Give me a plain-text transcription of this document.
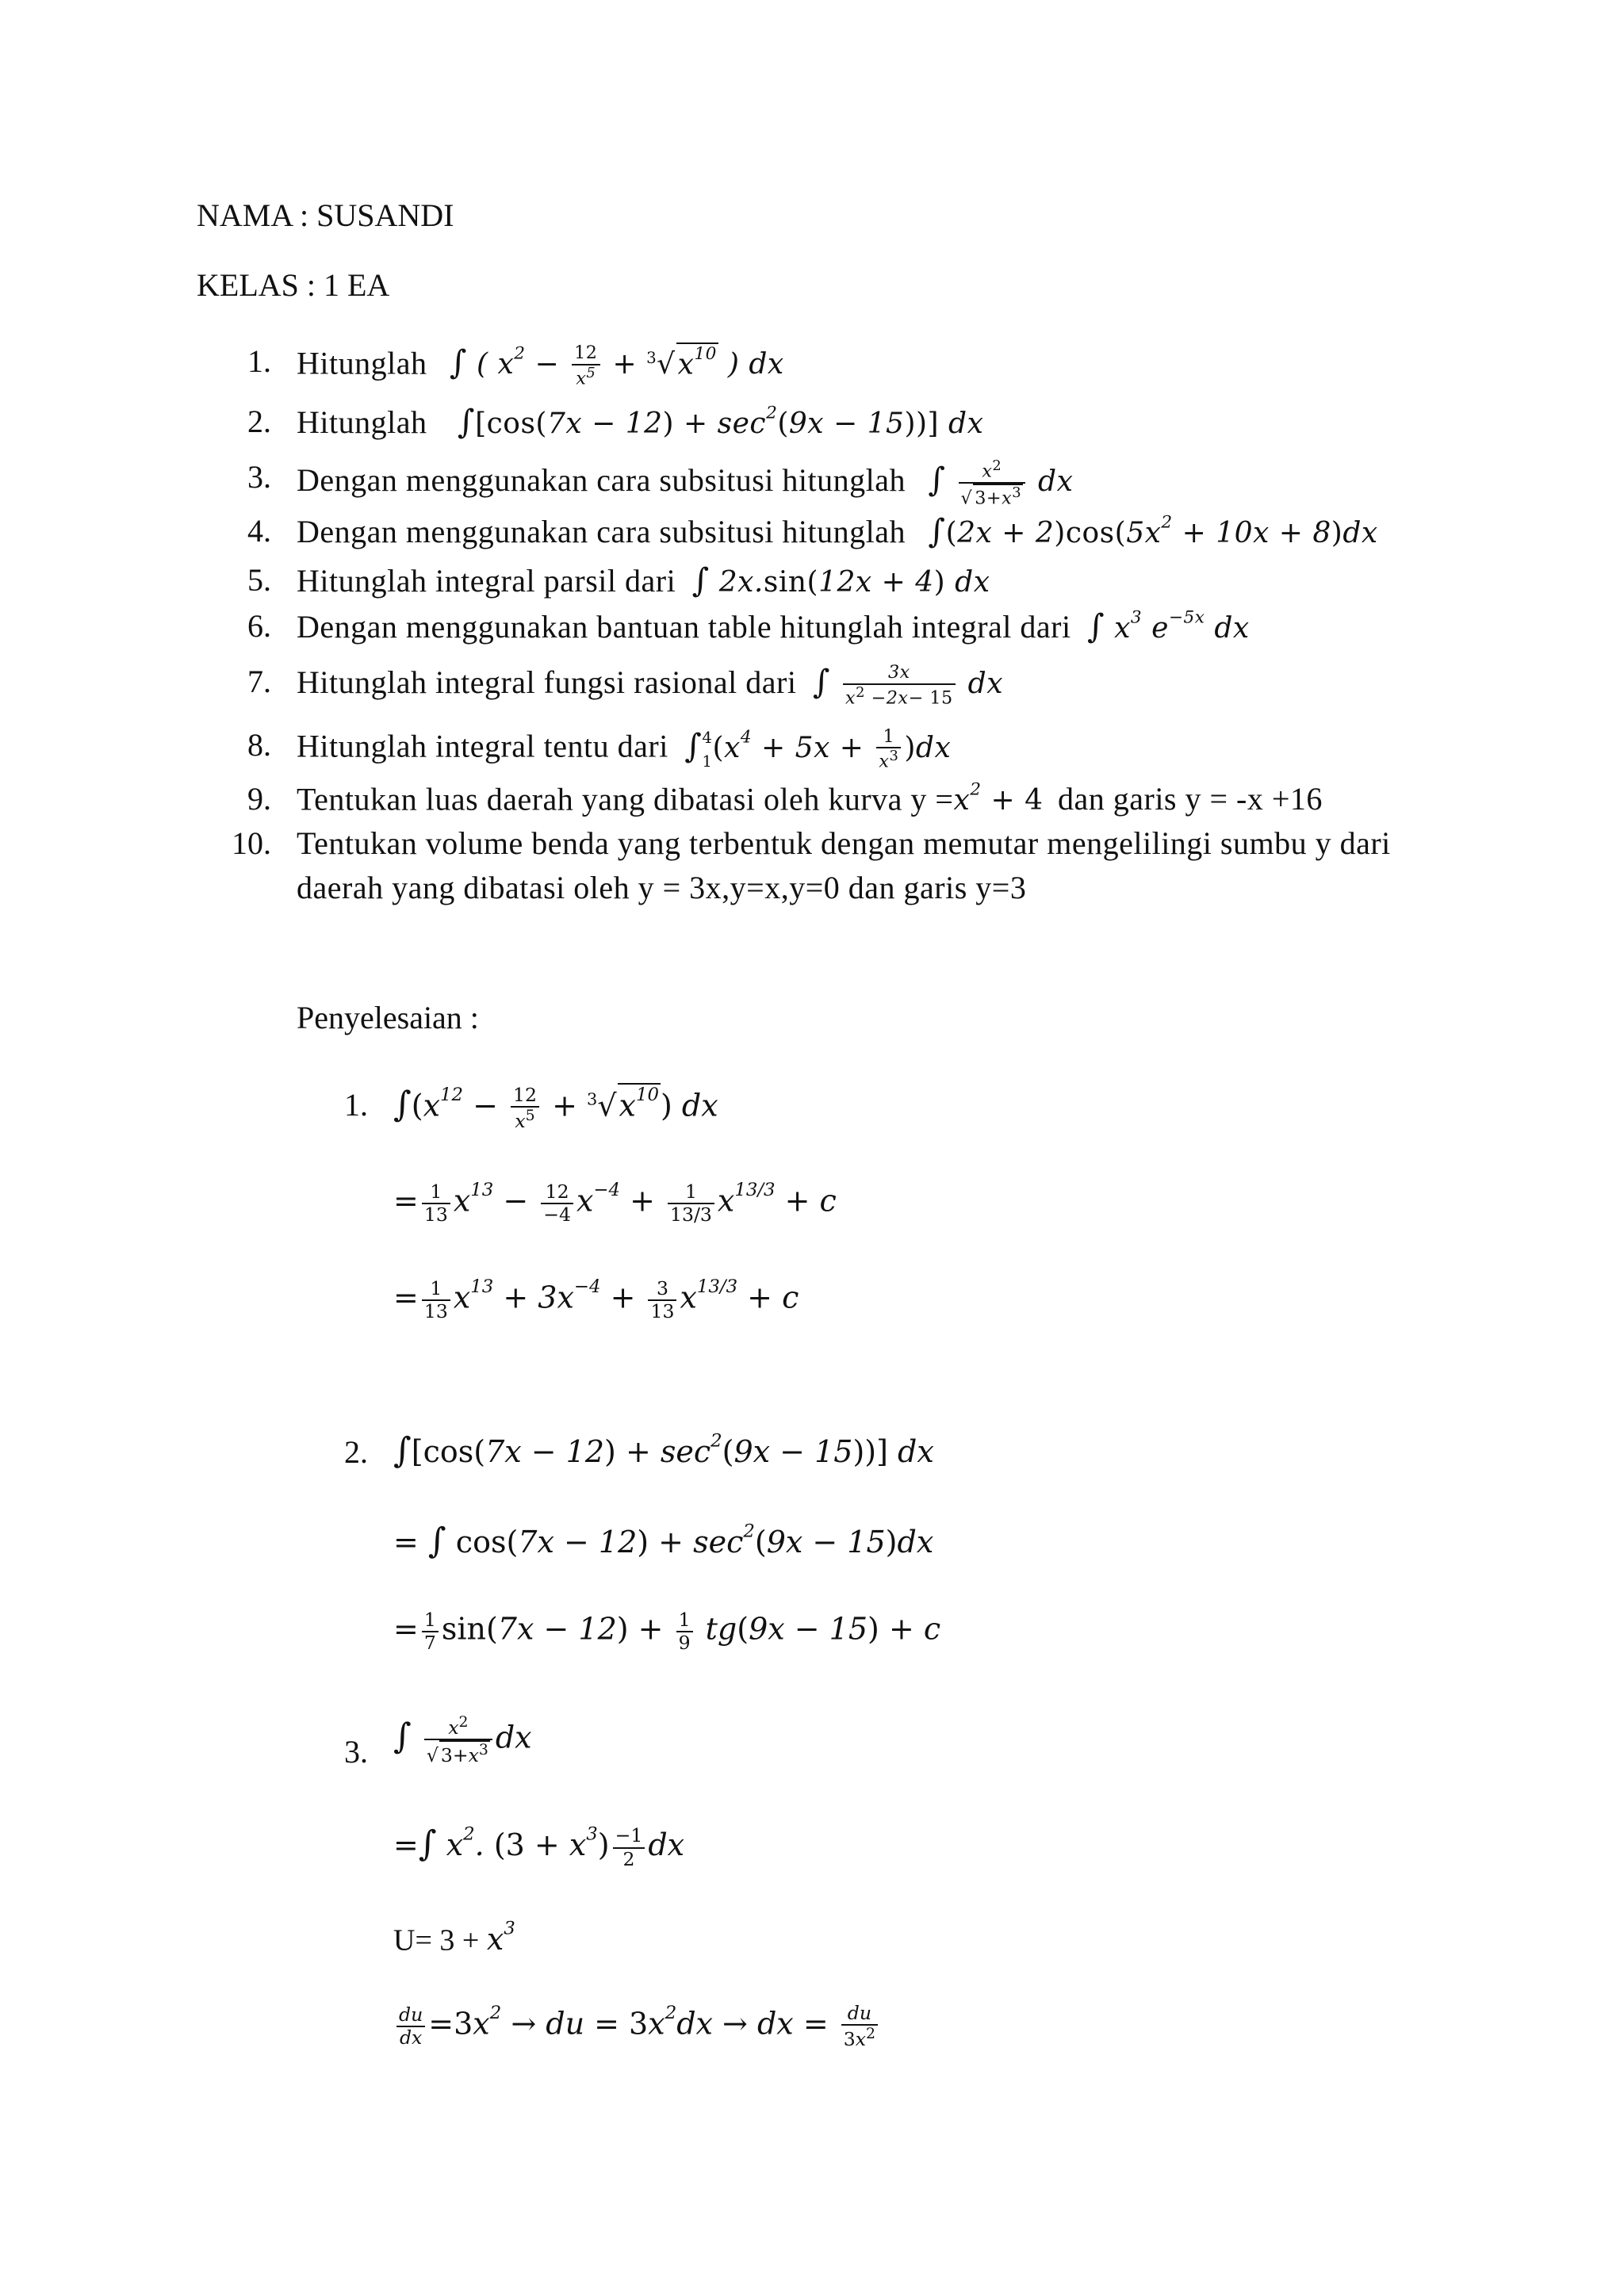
NAMA : SUSANDI
KELAS : 1 EA
1. Hitunglah ∫ ( $x^2 - \frac{12}{x^5} + ^3√x^{10}$ ) dx
2. Hitunglah $\int[\cos(7x - 12) + \sec^2(9x - 15))$] dx
3. Dengan menggunakan cara subsitusi hitunglah ∫ $\frac{x^2}{√ 3+x^3}$ dx
4. Dengan menggunakan cara subsitusi hitunglah $\int(2x + 2)\cos(5x^2 + 10x + 8)dx$
5. Hitunglah integral parsil dari ∫ 2x.sin(12x + 4) dx
6. Dengan menggunakan bantuan table hitunglah integral dari ∫ $x^3$ $e^{-5x}$ dx
7. Hitunglah integral fungsi rasional dari ∫ $\frac{3x}{x^2 -2x- 15}$ dx
8. Hitunglah integral tentu dari ∫4
$1(x^4 + 5x + \frac{1}{x^3} )dx$
9. Tentukan luas daerah yang dibatasi oleh kurva $y =x^2 + 4$ dan garis y = -x +16
10. Tentukan volume benda yang terbentuk dengan memutar mengelilingi sumbu y dari
daerah yang dibatasi oleh y = 3x,y=x,y=0 dan garis y=3
Penyelesaian :
1. $\int(x^{12} - \frac{12}{x^5} + ^3√x^{10})$ dx
= $\frac{1}{13} x^{13} - \frac{12}{-4} x^{-4} + \frac{1}{13/3} x^{13/3} + c$
= $\frac{1}{13} x^{13} + 3x^{-4} + \frac{3}{13} x^{13/3} + c$
2. $\int[\cos(7x - 12) + \sec^2(9x - 15))$] dx
= ∫ $\cos(7x - 12) + \sec^2(9x - 15)dx$
= $\frac{1}{7} \sin(7x - 12) + \frac{1}{9} tg(9x - 15) + c$
3. ∫ $\frac{x^2}{√ 3+x^3}$ dx
=∫ $x^2$. $(3 + x^3) \frac{-1}{2}$ dx
$U= 3 + x^3$
$\frac{du}{dx} =3x^2$ → du = $3x^2dx$ → dx = $\frac{du}{3x^2}$
